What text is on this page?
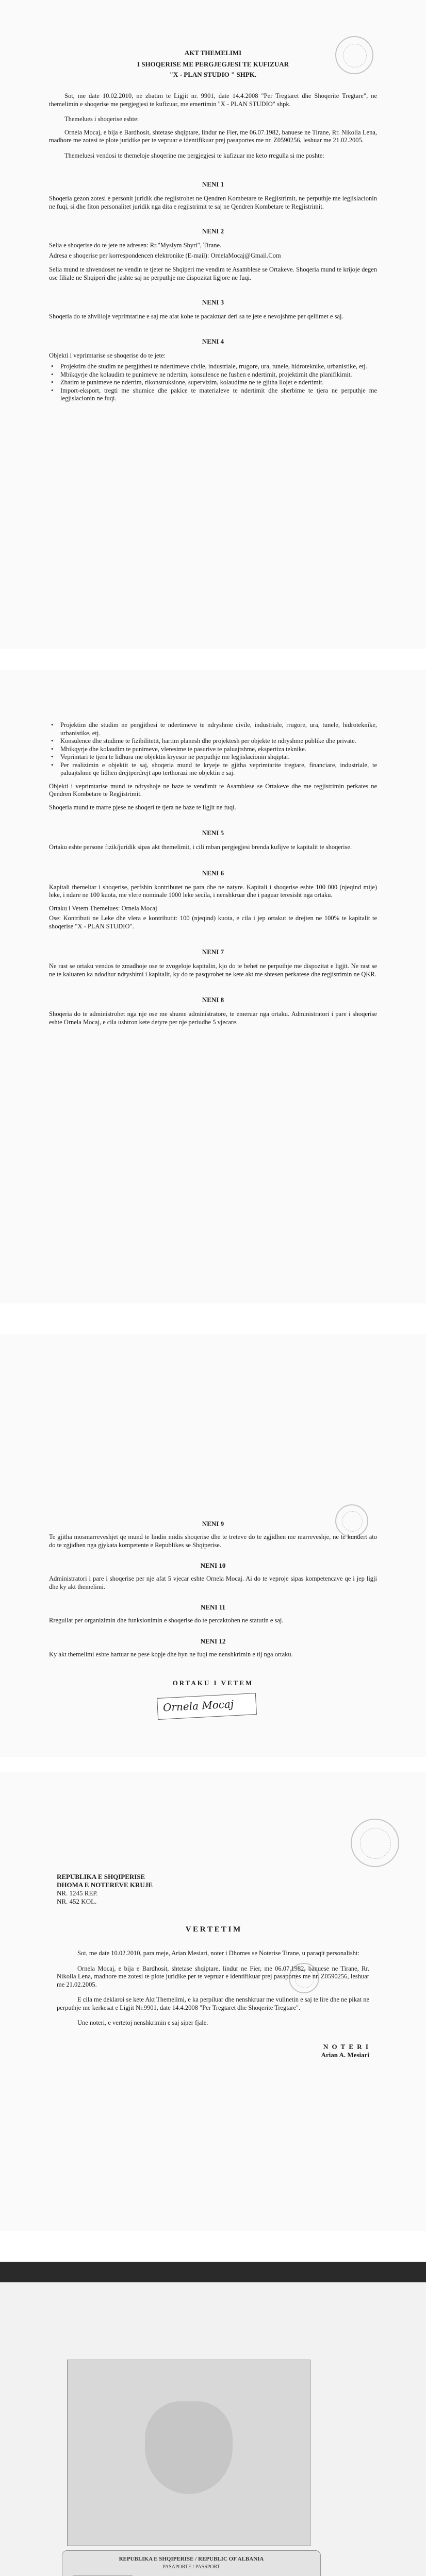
AKT THEMELIMI

I SHOQERISE ME PERGJEGJESI TE KUFIZUAR

"X - PLAN STUDIO " SHPK.

Sot, me date 10.02.2010, ne zbatim te Ligjit nr. 9901, date 14.4.2008 "Per Tregtaret dhe Shoqerite Tregtare", ne themelimin e shoqerise me pergjegjesi te kufizuar, me emertimin "X - PLAN STUDIO" shpk.

Themelues i shoqerise eshte:

Ornela Mocaj, e bija e Bardhosit, shtetase shqiptare, lindur ne Fier, me 06.07.1982, banuese ne Tirane, Rr. Nikolla Lena, madhore me zotesi te plote juridike per te vepruar e identifikuar prej pasaportes me nr. Z0590256, leshuar me 21.02.2005.

Themeluesi vendosi te themeloje shoqerine me pergjegjesi te kufizuar me keto rregulla si me poshte:

NENI 1

Shoqeria gezon zotesi e personit juridik dhe regjistrohet ne Qendren Kombetare te Regjistrimit, ne perputhje me legjislacionin ne fuqi, si dhe fiton personalitet juridik nga dita e regjistrimit te saj ne Qendren Kombetare te Regjistrimit.

NENI 2

Selia e shoqerise do te jete ne adresen: Rr."Myslym Shyri", Tirane.

Adresa e shoqerise per korrespondencen elektronike (E-mail): OrnelaMocaj@Gmail.Com

Selia mund te zhvendoset ne vendin te tjeter ne Shqiperi me vendim te Asamblese se Ortakeve. Shoqeria mund te krijoje degen ose filiale ne Shqiperi dhe jashte saj ne perputhje me dispozitat ligjore ne fuqi.

NENI 3

Shoqeria do te zhvilloje veprimtarine e saj me afat kohe te pacaktuar deri sa te jete e nevojshme per qellimet e saj.

NENI 4

Objekti i veprimtarise se shoqerise do te jete:

• Projektim dhe studim ne pergjithesi te ndertimeve civile, industriale, rrugore, ura, tunele, hidroteknike, urbanistike, etj.

• Mbikqyrje dhe kolaudim te punimeve ne ndertim, konsulence ne fushen e ndertimit, projektimit dhe planifikimit.

• Zbatim te punimeve ne ndertim, rikonstruksione, supervizim, kolaudime ne te gjitha llojet e ndertimit.

• Import-eksport, tregti me shumice dhe pakice te materialeve te ndertimit dhe sherbime te tjera ne perputhje me legjislacionin ne fuqi.

• Projektim dhe studim ne pergjithesi te ndertimeve te ndryshme civile, industriale, rrugore, ura, tunele, hidroteknike, urbanistike, etj.

• Konsulence dhe studime te fizibilitetit, hartim planesh dhe projektesh per objekte te ndryshme publike dhe private.

• Mbikqyrje dhe kolaudim te punimeve, vleresime te pasurive te paluajtshme, ekspertiza teknike.

• Veprimtari te tjera te lidhura me objektin kryesor ne perputhje me legjislacionin shqiptar.

• Per realizimin e objektit te saj, shoqeria mund te kryeje te gjitha veprimtarite tregtare, financiare, industriale, te paluajtshme qe lidhen drejtperdrejt apo terthorazi me objektin e saj.

Objekti i veprimtarise mund te ndryshoje ne baze te vendimit te Asamblese se Ortakeve dhe me regjistrimin perkates ne Qendren Kombetare te Regjistrimit.

Shoqeria mund te marre pjese ne shoqeri te tjera ne baze te ligjit ne fuqi.

NENI 5

Ortaku eshte persone fizik/juridik sipas akt themelimit, i cili mban pergjegjesi brenda kufijve te kapitalit te shoqerise.

NENI 6

Kapitali themeltar i shoqerise, perfshin kontributet ne para dhe ne natyre. Kapitali i shoqerise eshte 100 000 (njeqind mije) leke, i ndare ne 100 kuota, me vlere nominale 1000 leke secila, i nenshkruar dhe i paguar teresisht nga ortaku.

Ortaku i Vetem Themelues: Ornela Mocaj

Ose: Kontributi ne Leke dhe vlera e kontributit: 100 (njeqind) kuota, e cila i jep ortakut te drejten ne 100% te kapitalit te shoqerise "X - PLAN STUDIO".

NENI 7

Ne rast se ortaku vendos te zmadhoje ose te zvogeloje kapitalin, kjo do te behet ne perputhje me dispozitat e ligjit. Ne rast se ne te kaluaren ka ndodhur ndryshimi i kapitalit, ky do te pasqyrohet ne kete akt me shtesen perkatese dhe regjistrimin ne QKR.

NENI 8

Shoqeria do te administrohet nga nje ose me shume administratore, te emeruar nga ortaku. Administratori i pare i shoqerise eshte Ornela Mocaj, e cila ushtron kete detyre per nje periudhe 5 vjecare.

NENI 9

Te gjitha mosmarreveshjet qe mund te lindin midis shoqerise dhe te treteve do te zgjidhen me marreveshje, ne te kundert ato do te zgjidhen nga gjykata kompetente e Republikes se Shqiperise.

NENI 10

Administratori i pare i shoqerise per nje afat 5 vjecar eshte Ornela Mocaj. Ai do te veproje sipas kompetencave qe i jep ligji dhe ky akt themelimi.

NENI 11

Rregullat per organizimin dhe funksionimin e shoqerise do te percaktohen ne statutin e saj.

NENI 12

Ky akt themelimi eshte hartuar ne pese kopje dhe hyn ne fuqi me nenshkrimin e tij nga ortaku.

ORTAKU I VETEM

Ornela Mocaj

REPUBLIKA E SHQIPERISE

DHOMA E NOTEREVE KRUJE

NR. 1245 REP.

NR. 452 KOL.

V E R T E T I M

Sot, me date 10.02.2010, para meje, Arian Mesiari, noter i Dhomes se Noterise Tirane, u paraqit personalisht:

Ornela Mocaj, e bija e Bardhosit, shtetase shqiptare, lindur ne Fier, me 06.07.1982, banuese ne Tirane, Rr. Nikolla Lena, madhore me zotesi te plote juridike per te vepruar e identifikuar prej pasaportes me nr. Z0590256, leshuar me 21.02.2005.

E cila me deklaroi se kete Akt Themelimi, e ka perpiluar dhe nenshkruar me vullnetin e saj te lire dhe ne pikat ne perputhje me kerkesat e Ligjit Nr.9901, date 14.4.2008 "Per Tregtaret dhe Shoqerite Tregtare".

Une noteri, e vertetoj nenshkrimin e saj siper fjale.

N O T E R I

Arian A. Mesiari

REPUBLIKA E SHQIPERISE / REPUBLIC OF ALBANIA

PASAPORTE / PASSPORT
